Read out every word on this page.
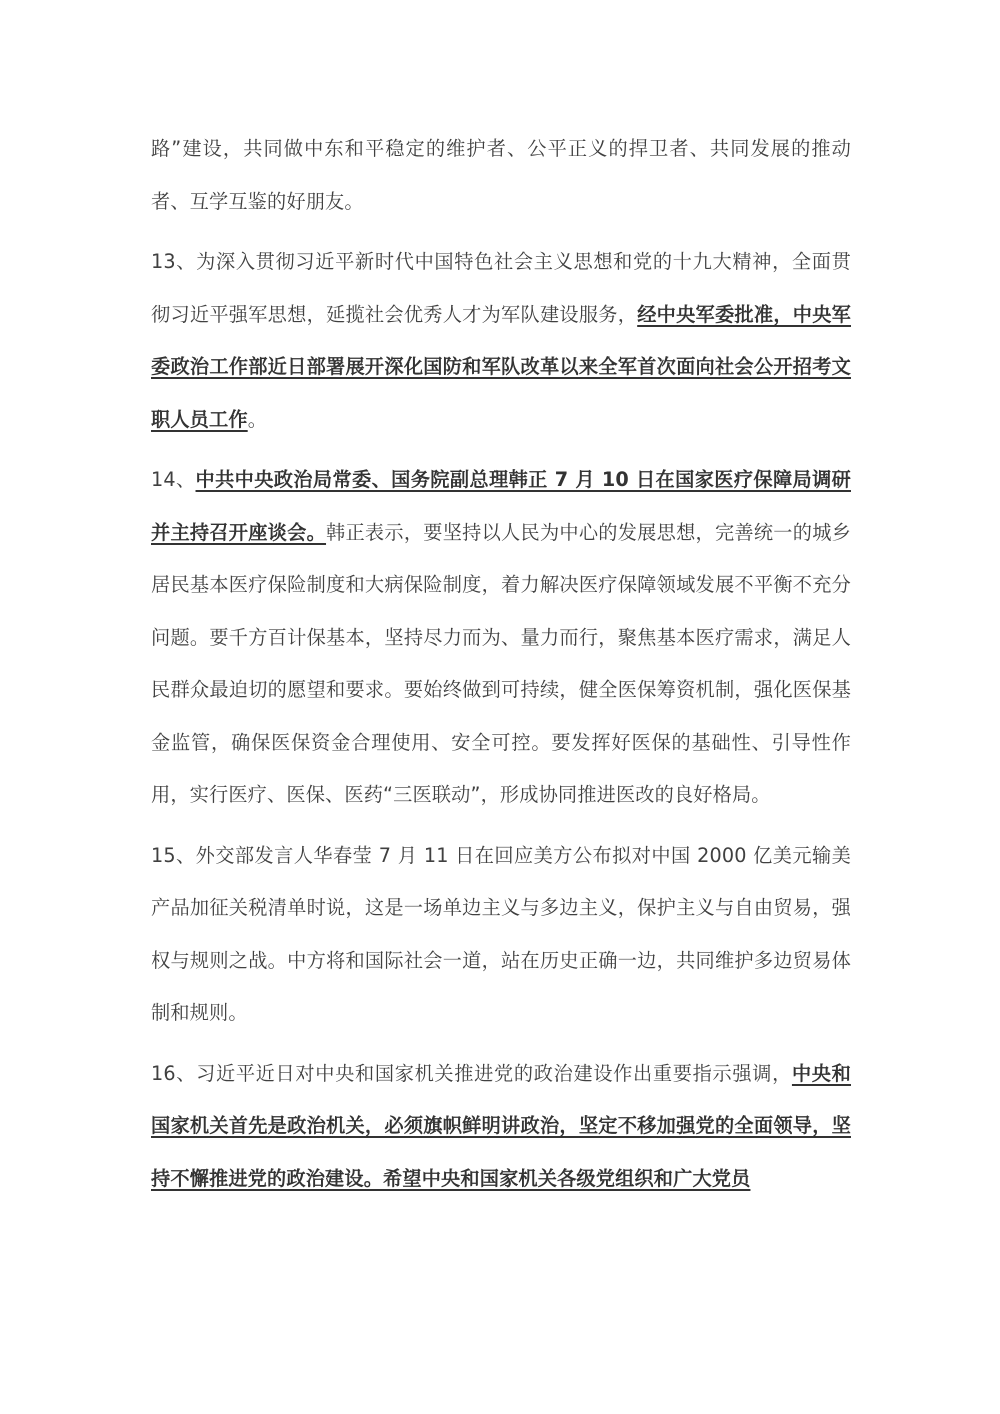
路”建设，共同做中东和平稳定的维护者、公平正义的捍卫者、共同发展的推动者、互学互鉴的好朋友。

13、为深入贯彻习近平新时代中国特色社会主义思想和党的十九大精神，全面贯彻习近平强军思想，延揽社会优秀人才为军队建设服务，经中央军委批准，中央军委政治工作部近日部署展开深化国防和军队改革以来全军首次面向社会公开招考文职人员工作。

14、中共中央政治局常委、国务院副总理韩正 7 月 10 日在国家医疗保障局调研并主持召开座谈会。韩正表示，要坚持以人民为中心的发展思想，完善统一的城乡居民基本医疗保险制度和大病保险制度，着力解决医疗保障领域发展不平衡不充分问题。要千方百计保基本，坚持尽力而为、量力而行，聚焦基本医疗需求，满足人民群众最迫切的愿望和要求。要始终做到可持续，健全医保筹资机制，强化医保基金监管，确保医保资金合理使用、安全可控。要发挥好医保的基础性、引导性作用，实行医疗、医保、医药“三医联动”，形成协同推进医改的良好格局。

15、外交部发言人华春莹 7 月 11 日在回应美方公布拟对中国 2000 亿美元输美产品加征关税清单时说，这是一场单边主义与多边主义，保护主义与自由贸易，强权与规则之战。中方将和国际社会一道，站在历史正确一边，共同维护多边贸易体制和规则。

16、习近平近日对中央和国家机关推进党的政治建设作出重要指示强调，中央和国家机关首先是政治机关，必须旗帜鲜明讲政治，坚定不移加强党的全面领导，坚持不懈推进党的政治建设。希望中央和国家机关各级党组织和广大党员
